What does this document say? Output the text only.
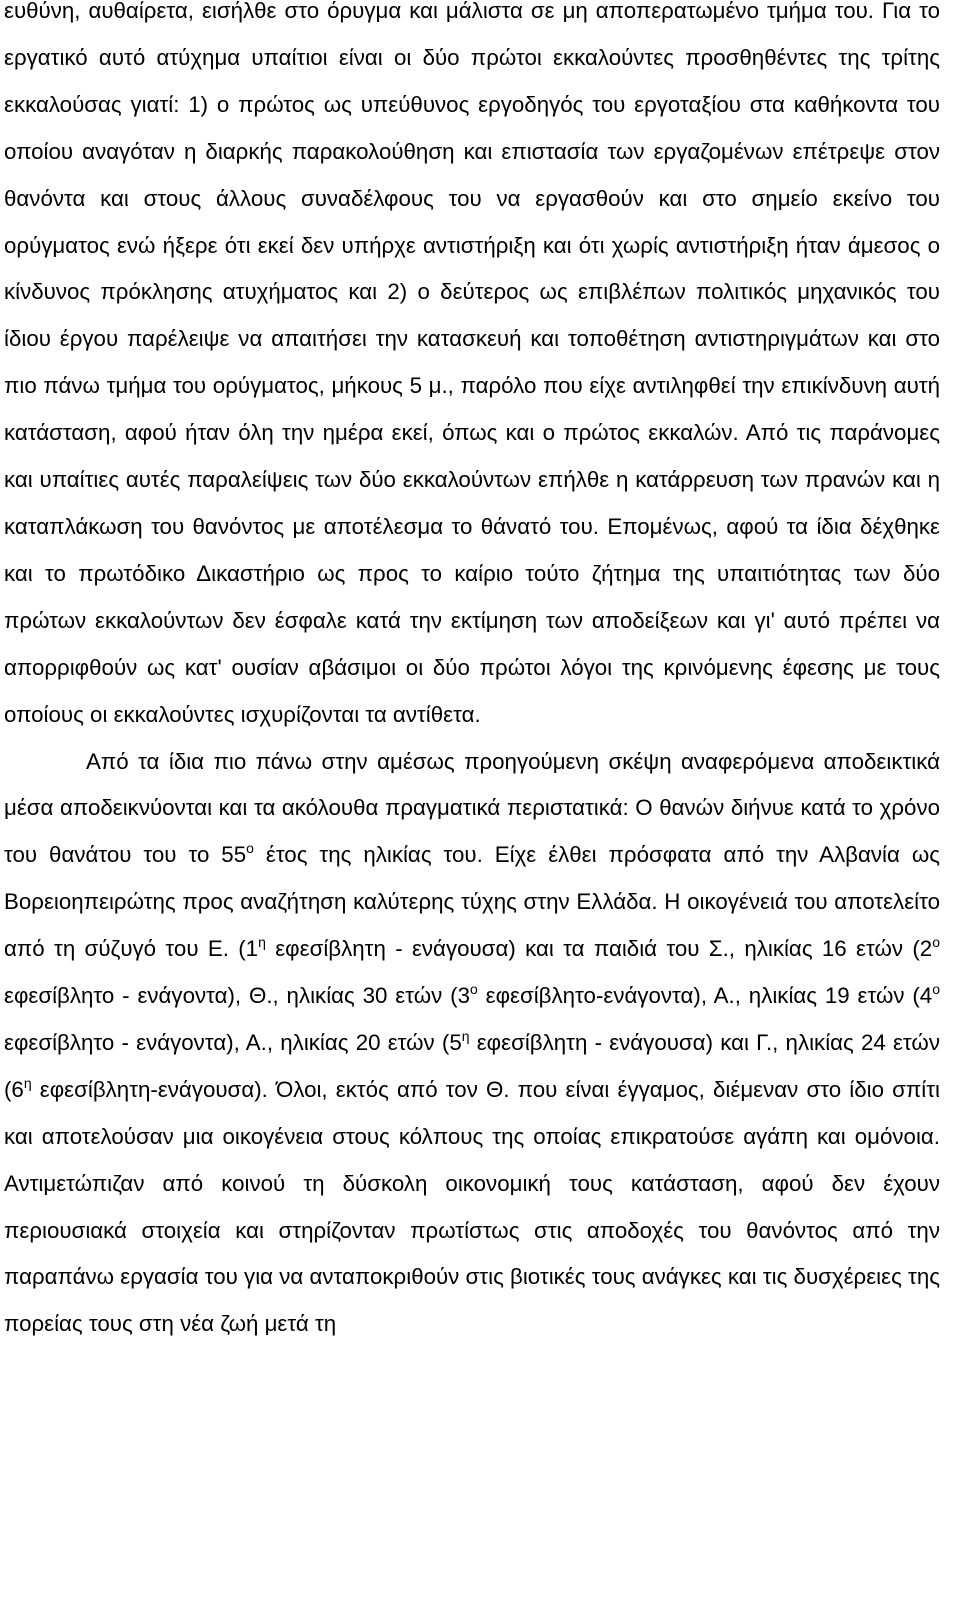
ευθύνη, αυθαίρετα, εισήλθε στο όρυγμα και μάλιστα σε μη αποπερατωμένο τμήμα του. Για το εργατικό αυτό ατύχημα υπαίτιοι είναι οι δύο πρώτοι εκκαλούντες προσθηθέντες της τρίτης εκκαλούσας γιατί: 1) ο πρώτος ως υπεύθυνος εργοδηγός του εργοταξίου στα καθήκοντα του οποίου αναγόταν η διαρκής παρακολούθηση και επιστασία των εργαζομένων επέτρεψε στον θανόντα και στους άλλους συναδέλφους του να εργασθούν και στο σημείο εκείνο του ορύγματος ενώ ήξερε ότι εκεί δεν υπήρχε αντιστήριξη και ότι χωρίς αντιστήριξη ήταν άμεσος ο κίνδυνος πρόκλησης ατυχήματος και 2) ο δεύτερος ως επιβλέπων πολιτικός μηχανικός του ίδιου έργου παρέλειψε να απαιτήσει την κατασκευή και τοποθέτηση αντιστηριγμάτων και στο πιο πάνω τμήμα του ορύγματος, μήκους 5 μ., παρόλο που είχε αντιληφθεί την επικίνδυνη αυτή κατάσταση, αφού ήταν όλη την ημέρα εκεί, όπως και ο πρώτος εκκαλών. Από τις παράνομες και υπαίτιες αυτές παραλείψεις των δύο εκκαλούντων επήλθε η κατάρρευση των πρανών και η καταπλάκωση του θανόντος με αποτέλεσμα το θάνατό του. Επομένως, αφού τα ίδια δέχθηκε και το πρωτόδικο Δικαστήριο ως προς το καίριο τούτο ζήτημα της υπαιτιότητας των δύο πρώτων εκκαλούντων δεν έσφαλε κατά την εκτίμηση των αποδείξεων και γι' αυτό πρέπει να απορριφθούν ως κατ' ουσίαν αβάσιμοι οι δύο πρώτοι λόγοι της κρινόμενης έφεσης με τους οποίους οι εκκαλούντες ισχυρίζονται τα αντίθετα.

Από τα ίδια πιο πάνω στην αμέσως προηγούμενη σκέψη αναφερόμενα αποδεικτικά μέσα αποδεικνύονται και τα ακόλουθα πραγματικά περιστατικά: Ο θανών διήνυε κατά το χρόνο του θανάτου του το $55^o$ έτος της ηλικίας του. Είχε έλθει πρόσφατα από την Αλβανία ως Βορειοηπειρώτης προς αναζήτηση καλύτερης τύχης στην Ελλάδα. Η οικογένειά του αποτελείτο από τη σύζυγό του Ε. ($1^\eta$ εφεσίβλητη - ενάγουσα) και τα παιδιά του Σ., ηλικίας 16 ετών ($2^o$ εφεσίβλητο - ενάγοντα), Θ., ηλικίας 30 ετών ($3^o$ εφεσίβλητο-ενάγοντα), Α., ηλικίας 19 ετών ($4^o$ εφεσίβλητο - ενάγοντα), Α., ηλικίας 20 ετών ($5^\eta$ εφεσίβλητη - ενάγουσα) και Γ., ηλικίας 24 ετών ($6^\eta$ εφεσίβλητη-ενάγουσα). Όλοι, εκτός από τον Θ. που είναι έγγαμος, διέμεναν στο ίδιο σπίτι και αποτελούσαν μια οικογένεια στους κόλπους της οποίας επικρατούσε αγάπη και ομόνοια. Αντιμετώπιζαν από κοινού τη δύσκολη οικονομική τους κατάσταση, αφού δεν έχουν περιουσιακά στοιχεία και στηρίζονταν πρωτίστως στις αποδοχές του θανόντος από την παραπάνω εργασία του για να ανταποκριθούν στις βιοτικές τους ανάγκες και τις δυσχέρειες της πορείας τους στη νέα ζωή μετά τη
